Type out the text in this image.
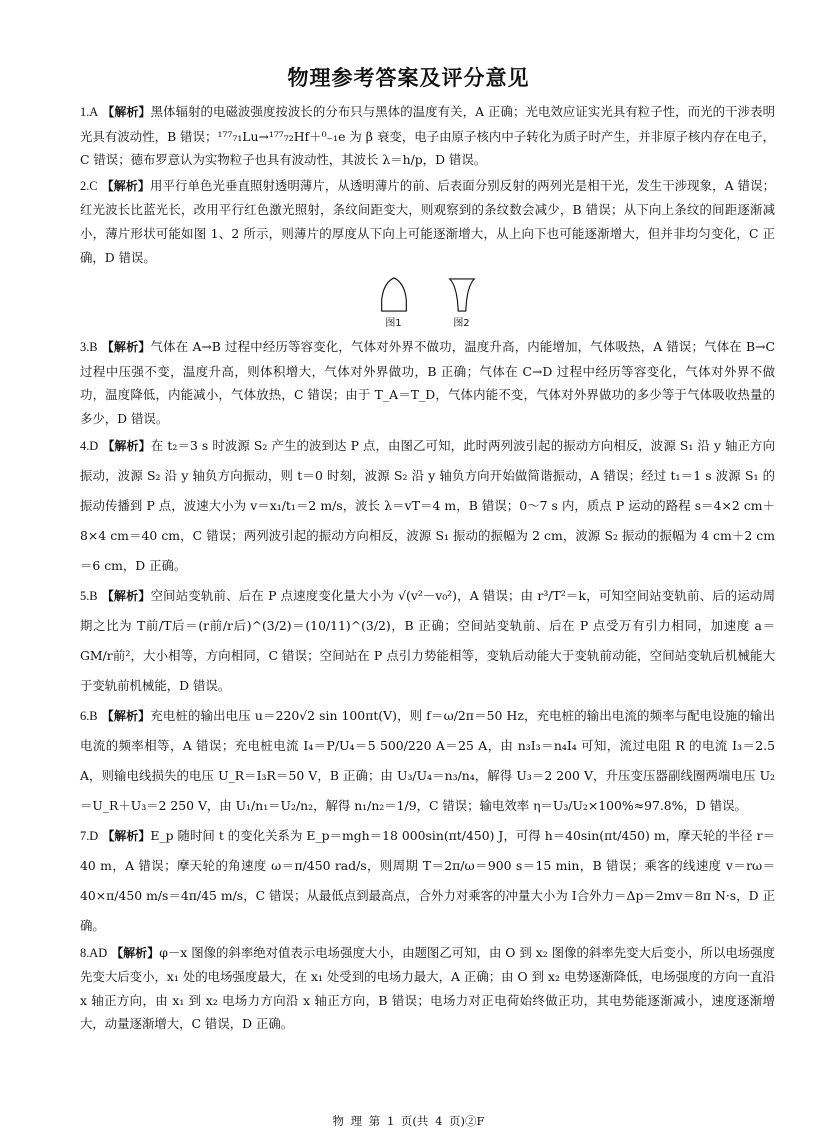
物理参考答案及评分意见

1.A 【解析】黑体辐射的电磁波强度按波长的分布只与黑体的温度有关，A 正确；光电效应证实光具有粒子性，而光的干涉表明光具有波动性，B 错误；¹⁷⁷₇₁Lu→¹⁷⁷₇₂Hf＋⁰₋₁e 为 β 衰变，电子由原子核内中子转化为质子时产生，并非原子核内存在电子，C 错误；德布罗意认为实物粒子也具有波动性，其波长 λ＝h/p，D 错误。

2.C 【解析】用平行单色光垂直照射透明薄片，从透明薄片的前、后表面分别反射的两列光是相干光，发生干涉现象，A 错误；红光波长比蓝光长，改用平行红色激光照射，条纹间距变大，则观察到的条纹数会减少，B 错误；从下向上条纹的间距逐渐减小，薄片形状可能如图 1、2 所示，则薄片的厚度从下向上可能逐渐增大，从上向下也可能逐渐增大，但并非均匀变化，C 正确，D 错误。

图1	图2

3.B 【解析】气体在 A→B 过程中经历等容变化，气体对外界不做功，温度升高，内能增加，气体吸热，A 错误；气体在 B→C 过程中压强不变，温度升高，则体积增大，气体对外界做功，B 正确；气体在 C→D 过程中经历等容变化，气体对外界不做功，温度降低，内能减小，气体放热，C 错误；由于 T_A＝T_D，气体内能不变，气体对外界做功的多少等于气体吸收热量的多少，D 错误。

4.D 【解析】在 t₂＝3 s 时波源 S₂ 产生的波到达 P 点，由图乙可知，此时两列波引起的振动方向相反，波源 S₁ 沿 y 轴正方向振动，波源 S₂ 沿 y 轴负方向振动，则 t＝0 时刻，波源 S₂ 沿 y 轴负方向开始做简谐振动，A 错误；经过 t₁＝1 s 波源 S₁ 的振动传播到 P 点，波速大小为 v＝x₁/t₁＝2 m/s，波长 λ＝vT＝4 m，B 错误；0～7 s 内，质点 P 运动的路程 s＝4×2 cm＋8×4 cm＝40 cm，C 错误；两列波引起的振动方向相反，波源 S₁ 振动的振幅为 2 cm，波源 S₂ 振动的振幅为 4 cm＋2 cm＝6 cm，D 正确。

5.B 【解析】空间站变轨前、后在 P 点速度变化量大小为 √(v²－v₀²)，A 错误；由 r³/T²＝k，可知空间站变轨前、后的运动周期之比为 T前/T后＝(r前/r后)^(3/2)＝(10/11)^(3/2)，B 正确；空间站变轨前、后在 P 点受万有引力相同，加速度 a＝GM/r前²，大小相等，方向相同，C 错误；空间站在 P 点引力势能相等，变轨后动能大于变轨前动能，空间站变轨后机械能大于变轨前机械能，D 错误。

6.B 【解析】充电桩的输出电压 u＝220√2 sin 100πt(V)，则 f＝ω/2π＝50 Hz，充电桩的输出电流的频率与配电设施的输出电流的频率相等，A 错误；充电桩电流 I₄＝P/U₄＝5 500/220 A＝25 A，由 n₃I₃＝n₄I₄ 可知，流过电阻 R 的电流 I₃＝2.5 A，则输电线损失的电压 U_R＝I₃R＝50 V，B 正确；由 U₃/U₄＝n₃/n₄，解得 U₃＝2 200 V，升压变压器副线圈两端电压 U₂＝U_R＋U₃＝2 250 V，由 U₁/n₁＝U₂/n₂，解得 n₁/n₂＝1/9，C 错误；输电效率 η＝U₃/U₂×100%≈97.8%，D 错误。

7.D 【解析】E_p 随时间 t 的变化关系为 E_p＝mgh＝18 000sin(πt/450) J，可得 h＝40sin(πt/450) m，摩天轮的半径 r＝40 m，A 错误；摩天轮的角速度 ω＝π/450 rad/s，则周期 T＝2π/ω＝900 s＝15 min，B 错误；乘客的线速度 v＝rω＝40×π/450 m/s＝4π/45 m/s，C 错误；从最低点到最高点，合外力对乘客的冲量大小为 I合外力＝Δp＝2mv＝8π N·s，D 正确。

8.AD 【解析】φ－x 图像的斜率绝对值表示电场强度大小，由题图乙可知，由 O 到 x₂ 图像的斜率先变大后变小，所以电场强度先变大后变小，x₁ 处的电场强度最大，在 x₁ 处受到的电场力最大，A 正确；由 O 到 x₂ 电势逐渐降低，电场强度的方向一直沿 x 轴正方向，由 x₁ 到 x₂ 电场力方向沿 x 轴正方向，B 错误；电场力对正电荷始终做正功，其电势能逐渐减小，速度逐渐增大，动量逐渐增大，C 错误，D 正确。

物 理 第 1 页(共 4 页)②F
